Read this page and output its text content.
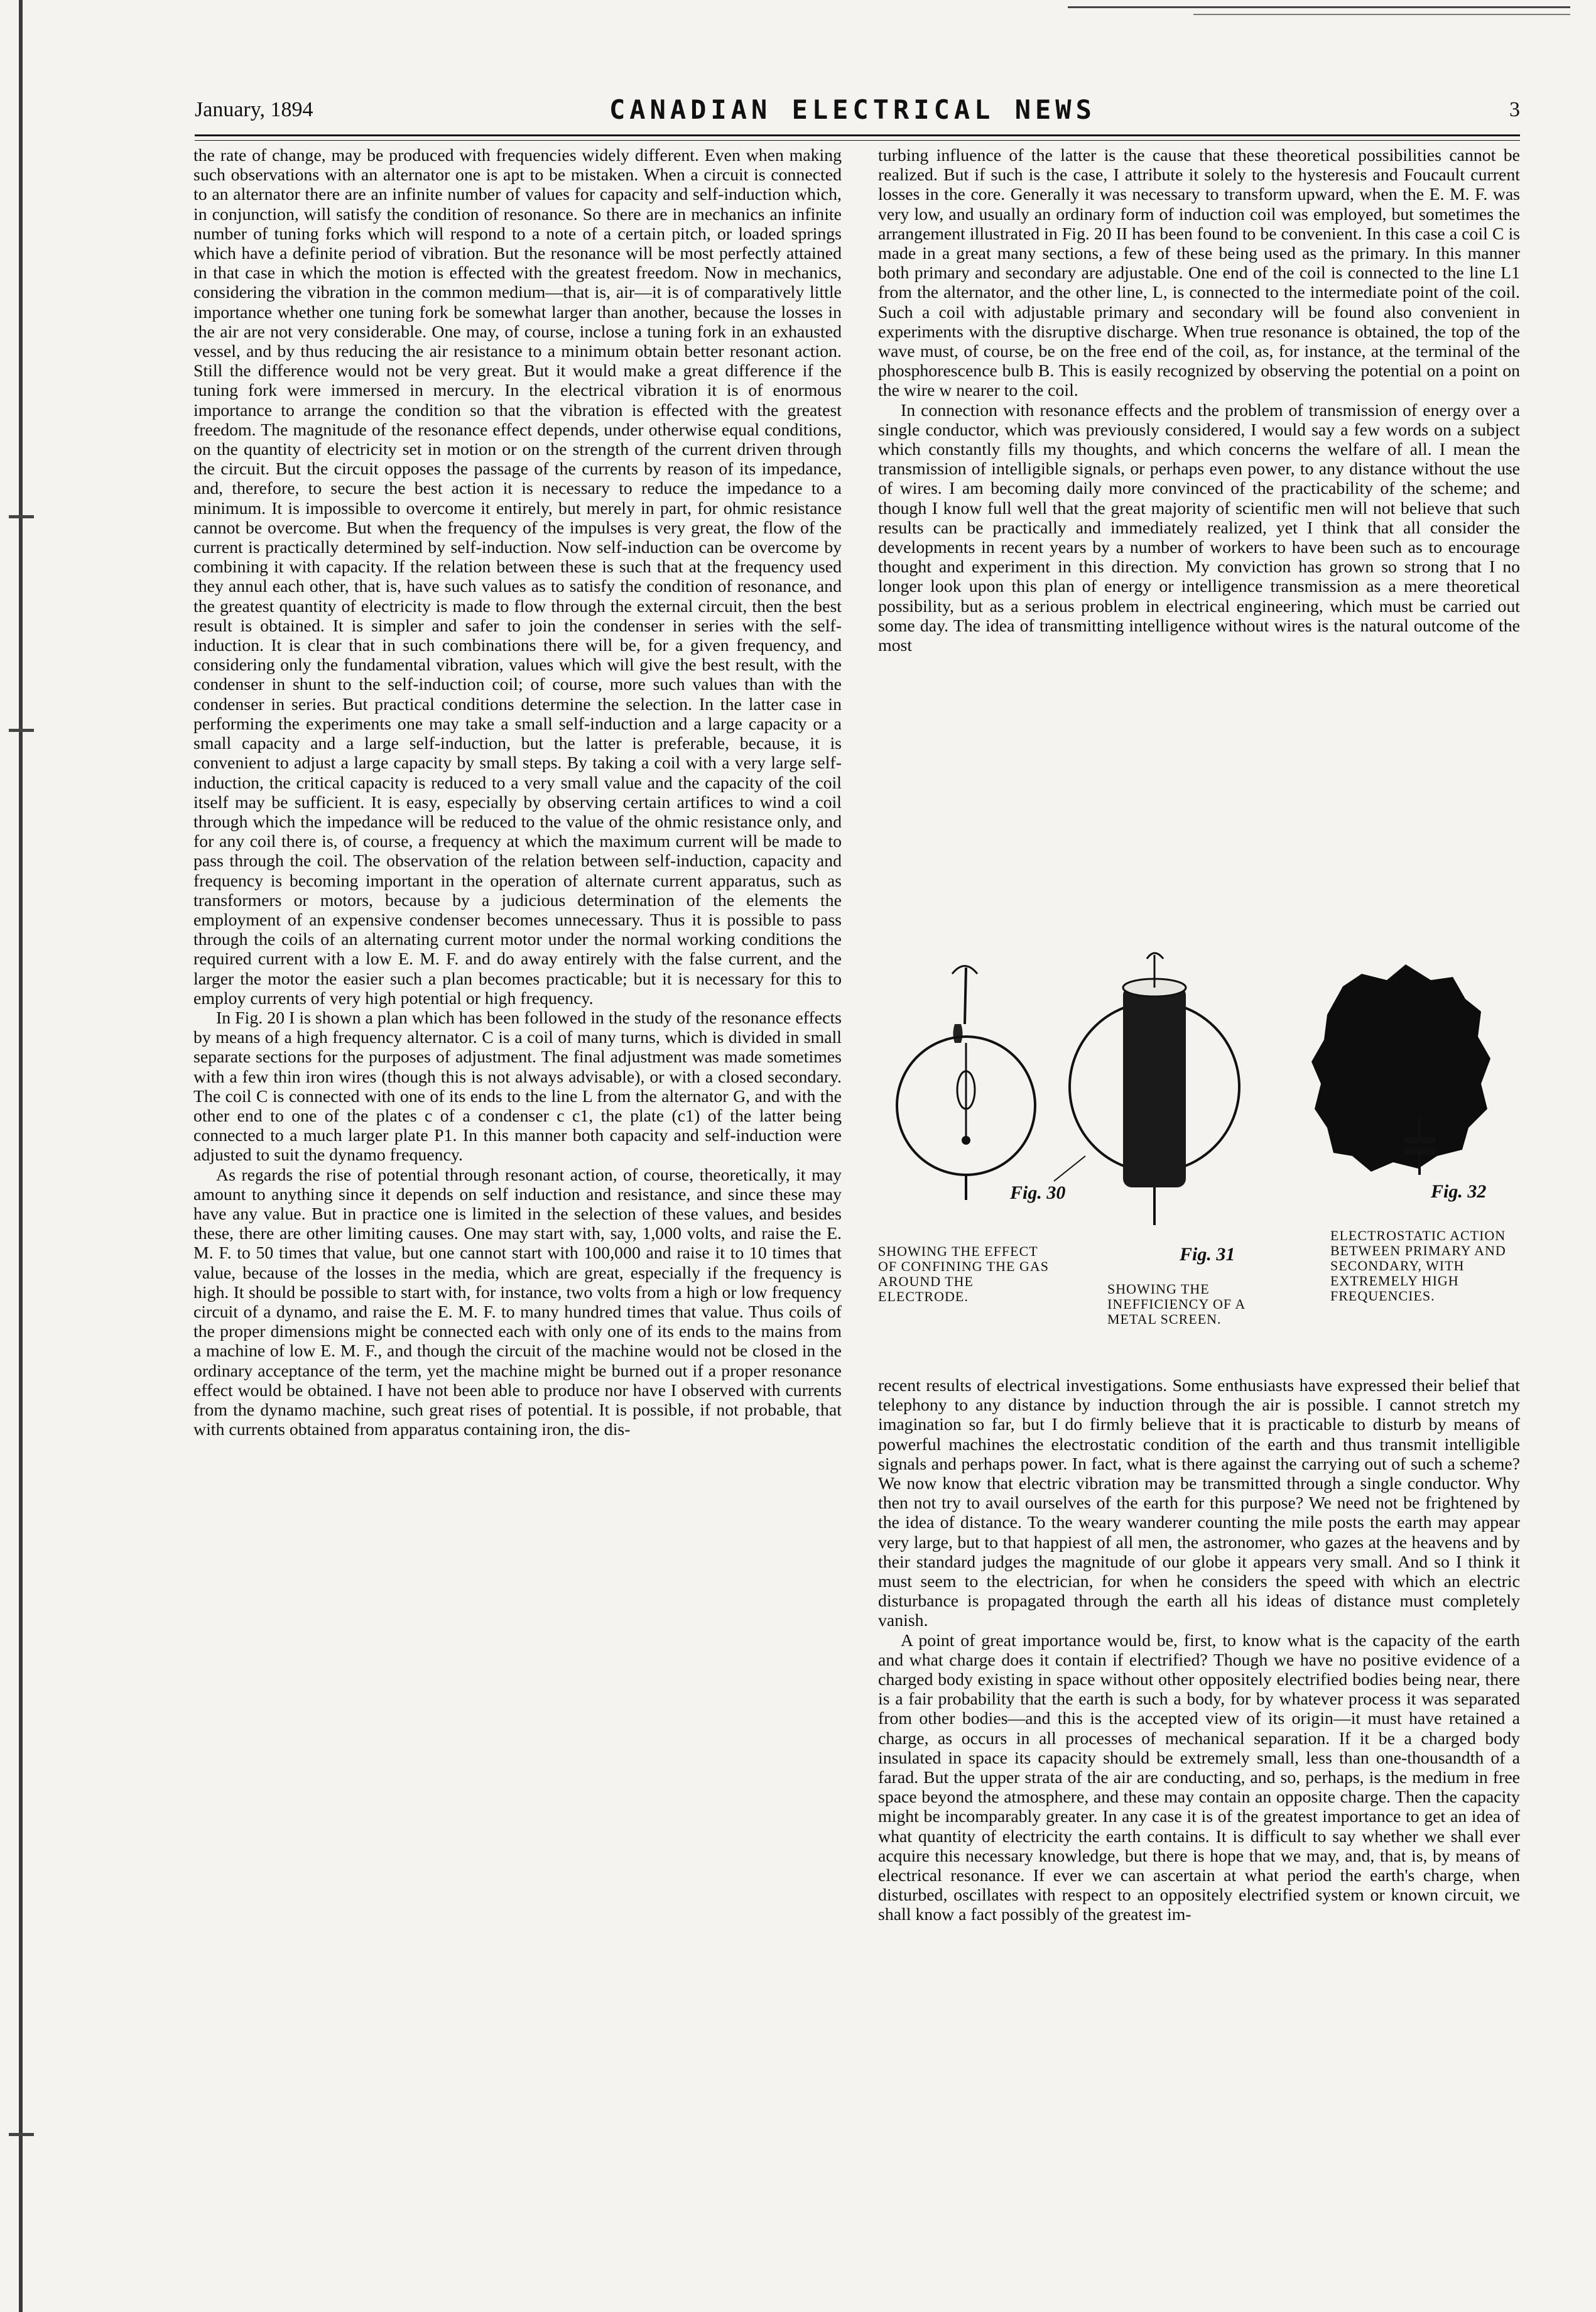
January, 1894	CANADIAN ELECTRICAL NEWS	3

the rate of change, may be produced with frequencies widely different. Even when making such observations with an alternator one is apt to be mistaken. When a circuit is connected to an alternator there are an infinite number of values for capacity and self-induction which, in conjunction, will satisfy the condition of resonance. So there are in mechanics an infinite number of tuning forks which will respond to a note of a certain pitch, or loaded springs which have a definite period of vibration. But the resonance will be most perfectly attained in that case in which the motion is effected with the greatest freedom. Now in mechanics, considering the vibration in the common medium—that is, air—it is of comparatively little importance whether one tuning fork be somewhat larger than another, because the losses in the air are not very considerable. One may, of course, inclose a tuning fork in an exhausted vessel, and by thus reducing the air resistance to a minimum obtain better resonant action. Still the difference would not be very great. But it would make a great difference if the tuning fork were immersed in mercury. In the electrical vibration it is of enormous importance to arrange the condition so that the vibration is effected with the greatest freedom. The magnitude of the resonance effect depends, under otherwise equal conditions, on the quantity of electricity set in motion or on the strength of the current driven through the circuit. But the circuit opposes the passage of the currents by reason of its impedance, and, therefore, to secure the best action it is necessary to reduce the impedance to a minimum. It is impossible to overcome it entirely, but merely in part, for ohmic resistance cannot be overcome. But when the frequency of the impulses is very great, the flow of the current is practically determined by self-induction. Now self-induction can be overcome by combining it with capacity. If the relation between these is such that at the frequency used they annul each other, that is, have such values as to satisfy the condition of resonance, and the greatest quantity of electricity is made to flow through the external circuit, then the best result is obtained. It is simpler and safer to join the condenser in series with the self-induction. It is clear that in such combinations there will be, for a given frequency, and considering only the fundamental vibration, values which will give the best result, with the condenser in shunt to the self-induction coil; of course, more such values than with the condenser in series. But practical conditions determine the selection. In the latter case in performing the experiments one may take a small self-induction and a large capacity or a small capacity and a large self-induction, but the latter is preferable, because, it is convenient to adjust a large capacity by small steps. By taking a coil with a very large self-induction, the critical capacity is reduced to a very small value and the capacity of the coil itself may be sufficient. It is easy, especially by observing certain artifices to wind a coil through which the impedance will be reduced to the value of the ohmic resistance only, and for any coil there is, of course, a frequency at which the maximum current will be made to pass through the coil. The observation of the relation between self-induction, capacity and frequency is becoming important in the operation of alternate current apparatus, such as transformers or motors, because by a judicious determination of the elements the employment of an expensive condenser becomes unnecessary. Thus it is possible to pass through the coils of an alternating current motor under the normal working conditions the required current with a low E. M. F. and do away entirely with the false current, and the larger the motor the easier such a plan becomes practicable; but it is necessary for this to employ currents of very high potential or high frequency.

In Fig. 20 I is shown a plan which has been followed in the study of the resonance effects by means of a high frequency alternator. C is a coil of many turns, which is divided in small separate sections for the purposes of adjustment. The final adjustment was made sometimes with a few thin iron wires (though this is not always advisable), or with a closed secondary. The coil C is connected with one of its ends to the line L from the alternator G, and with the other end to one of the plates c of a condenser c c1, the plate (c1) of the latter being connected to a much larger plate P1. In this manner both capacity and self-induction were adjusted to suit the dynamo frequency.

As regards the rise of potential through resonant action, of course, theoretically, it may amount to anything since it depends on self induction and resistance, and since these may have any value. But in practice one is limited in the selection of these values, and besides these, there are other limiting causes. One may start with, say, 1,000 volts, and raise the E. M. F. to 50 times that value, but one cannot start with 100,000 and raise it to 10 times that value, because of the losses in the media, which are great, especially if the frequency is high. It should be possible to start with, for instance, two volts from a high or low frequency circuit of a dynamo, and raise the E. M. F. to many hundred times that value. Thus coils of the proper dimensions might be connected each with only one of its ends to the mains from a machine of low E. M. F., and though the circuit of the machine would not be closed in the ordinary acceptance of the term, yet the machine might be burned out if a proper resonance effect would be obtained. I have not been able to produce nor have I observed with currents from the dynamo machine, such great rises of potential. It is possible, if not probable, that with currents obtained from apparatus containing iron, the dis-

turbing influence of the latter is the cause that these theoretical possibilities cannot be realized. But if such is the case, I attribute it solely to the hysteresis and Foucault current losses in the core. Generally it was necessary to transform upward, when the E. M. F. was very low, and usually an ordinary form of induction coil was employed, but sometimes the arrangement illustrated in Fig. 20 II has been found to be convenient. In this case a coil C is made in a great many sections, a few of these being used as the primary. In this manner both primary and secondary are adjustable. One end of the coil is connected to the line L1 from the alternator, and the other line, L, is connected to the intermediate point of the coil. Such a coil with adjustable primary and secondary will be found also convenient in experiments with the disruptive discharge. When true resonance is obtained, the top of the wave must, of course, be on the free end of the coil, as, for instance, at the terminal of the phosphorescence bulb B. This is easily recognized by observing the potential on a point on the wire w nearer to the coil.

In connection with resonance effects and the problem of transmission of energy over a single conductor, which was previously considered, I would say a few words on a subject which constantly fills my thoughts, and which concerns the welfare of all. I mean the transmission of intelligible signals, or perhaps even power, to any distance without the use of wires. I am becoming daily more convinced of the practicability of the scheme; and though I know full well that the great majority of scientific men will not believe that such results can be practically and immediately realized, yet I think that all consider the developments in recent years by a number of workers to have been such as to encourage thought and experiment in this direction. My conviction has grown so strong that I no longer look upon this plan of energy or intelligence transmission as a mere theoretical possibility, but as a serious problem in electrical engineering, which must be carried out some day. The idea of transmitting intelligence without wires is the natural outcome of the most

Fig. 30
Fig. 31
Fig. 32
SHOWING THE EFFECT OF CONFINING THE GAS AROUND THE ELECTRODE.	SHOWING THE INEFFICIENCY OF A METAL SCREEN.
ELECTROSTATIC ACTION BETWEEN PRIMARY AND SECONDARY, WITH EXTREMELY HIGH FREQUENCIES.

recent results of electrical investigations. Some enthusiasts have expressed their belief that telephony to any distance by induction through the air is possible. I cannot stretch my imagination so far, but I do firmly believe that it is practicable to disturb by means of powerful machines the electrostatic condition of the earth and thus transmit intelligible signals and perhaps power. In fact, what is there against the carrying out of such a scheme? We now know that electric vibration may be transmitted through a single conductor. Why then not try to avail ourselves of the earth for this purpose? We need not be frightened by the idea of distance. To the weary wanderer counting the mile posts the earth may appear very large, but to that happiest of all men, the astronomer, who gazes at the heavens and by their standard judges the magnitude of our globe it appears very small. And so I think it must seem to the electrician, for when he considers the speed with which an electric disturbance is propagated through the earth all his ideas of distance must completely vanish.

A point of great importance would be, first, to know what is the capacity of the earth and what charge does it contain if electrified? Though we have no positive evidence of a charged body existing in space without other oppositely electrified bodies being near, there is a fair probability that the earth is such a body, for by whatever process it was separated from other bodies—and this is the accepted view of its origin—it must have retained a charge, as occurs in all processes of mechanical separation. If it be a charged body insulated in space its capacity should be extremely small, less than one-thousandth of a farad. But the upper strata of the air are conducting, and so, perhaps, is the medium in free space beyond the atmosphere, and these may contain an opposite charge. Then the capacity might be incomparably greater. In any case it is of the greatest importance to get an idea of what quantity of electricity the earth contains. It is difficult to say whether we shall ever acquire this necessary knowledge, but there is hope that we may, and, that is, by means of electrical resonance. If ever we can ascertain at what period the earth's charge, when disturbed, oscillates with respect to an oppositely electrified system or known circuit, we shall know a fact possibly of the greatest im-
